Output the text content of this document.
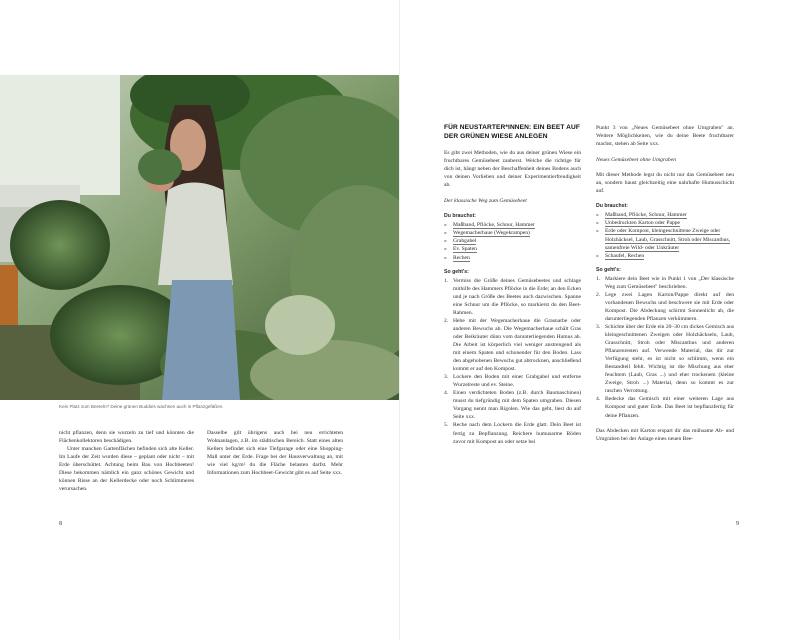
Kein Platz zum Beeteln? Deine grünen Buddies wachsen auch in Pflanzgefäßen.

nicht pflanzen, denn sie wurzeln zu tief und könnten die Flächenkollektoren beschädigen.

Unter manchen Gartenflächen befinden sich alte Keller. Im Laufe der Zeit wurden diese – geplant oder nicht – mit Erde überschüttet. Achtung beim Bau von Hochbeeten! Diese bekommen nämlich ein ganz schönes Gewicht und können Risse an der Kellerdecke oder noch Schlimmeres verursachen.

Dasselbe gilt übrigens auch bei neu errichteten Wohnanlagen, z.B. im städtischen Bereich. Statt eines alten Kellers befindet sich eine Tiefgarage oder eine Shopping-Mall unter der Erde. Frage bei der Hausverwaltung an, mit wie viel kg/m² du die Fläche belasten darfst. Mehr Informationen zum Hochbeet-Gewicht gibt es auf Seite xxx.

8
FÜR NEUSTARTER*INNEN: EIN BEET AUF DER GRÜNEN WIESE ANLEGEN

Es gibt zwei Methoden, wie du aus deiner grünen Wiese ein fruchtbares Gemüsebeet zauberst. Welche die richtige für dich ist, hängt neben der Beschaffenheit deines Bodens auch von deinen Vorlieben und deiner Experimentierfreudigkeit ab.

Der klassische Weg zum Gemüsebeet

Du brauchst:

» Maßband, Pflöcke, Schnur, Hammer
» Wegemacherhaue (Wegekrampen)
» Grabgabel
» Ev. Spaten
» Rechen

So geht's:

1. Vermiss die Größe deines Gemüsebeetes und schlage mithilfe des Hammers Pflöcke in die Erde; an den Ecken und je nach Größe des Beetes auch dazwischen. Spanne eine Schnur um die Pflöcke, so markierst du den Beet-Rahmen.
2. Hebe mit der Wegemacherhaue die Grasnarbe oder anderen Bewuchs ab. Die Wegemacherhaue schält Gras oder Beikräuter dünn vom darunterliegenden Humus ab. Die Arbeit ist körperlich viel weniger anstrengend als mit einem Spaten und schonender für den Boden. Lass den abgehobenen Bewuchs gut abtrocknen, anschließend kommt er auf den Kompost.
3. Lockere den Boden mit einer Grabgabel und entferne Wurzelreste und ev. Steine.
4. Einen verdichteten Boden (z.B. durch Baumaschinen) musst du tiefgründig mit dem Spaten umgraben. Diesen Vorgang nennt man Rigolen. Wie das geht, liest du auf Seite xxx.
5. Reche nach dem Lockern die Erde glatt. Dein Beet ist fertig zu Bepflanzung. Reicherе humusarme Böden zuvor mit Kompost an oder setze bei

Punkt 3 von „Neues Gemüsebeet ohne Umgraben" an. Weitere Möglichkeiten, wie du deine Beete fruchtbarer machst, stehen ab Seite xxx.

Neues Gemüsebeet ohne Umgraben

Mit dieser Methode legst du nicht nur das Gemüsebeet neu an, sondern baust gleichzeitig eine nahrhafte Humusschicht auf.

Du brauchst:

» Maßband, Pflöcke, Schnur, Hammer
» Unbedruckten Karton oder Pappe
» Erde oder Kompost, kleingeschnittene Zweige oder Holzhäcksel, Laub, Grasschnitt, Stroh oder Miscanthus, samenfreie Wild- oder Unkräuter
» Schaufel, Rechen

So geht's:

1. Markiere dein Beet wie in Punkt 1 von „Der klassische Weg zum Gemüsebeet" beschrieben.
2. Lege zwei Lagen Karton/Pappe direkt auf den vorhandenen Bewuchs und beschwere sie mit Erde oder Kompost. Die Abdeckung schirmt Sonnenlicht ab, die darunterliegenden Pflanzen verkümmern.
3. Schichte über der Erde ein 20–30 cm dickes Gemisch aus kleingeschnittenen Zweigen oder Holzhäckseln, Laub, Grasschnitt, Stroh oder Miscanthus und anderen Pflanzenresten auf. Verwende Material, das dir zur Verfügung steht, es ist nicht so schlimm, wenn ein Bestandteil fehlt. Wichtig ist die Mischung aus eher feuchtem (Laub, Gras ...) und eher trockenem (kleine Zweige, Stroh ...) Material, denn so kommt es zur raschen Verrottung.
4. Bedecke das Gemisch mit einer weiteren Lage aus Kompost und guter Erde. Das Beet ist bepflanzfertig für deine Pflanzen.

Das Abdecken mit Karton erspart dir das mühsame Ab- und Umgraben bei der Anlage eines neuen Bee-

9
